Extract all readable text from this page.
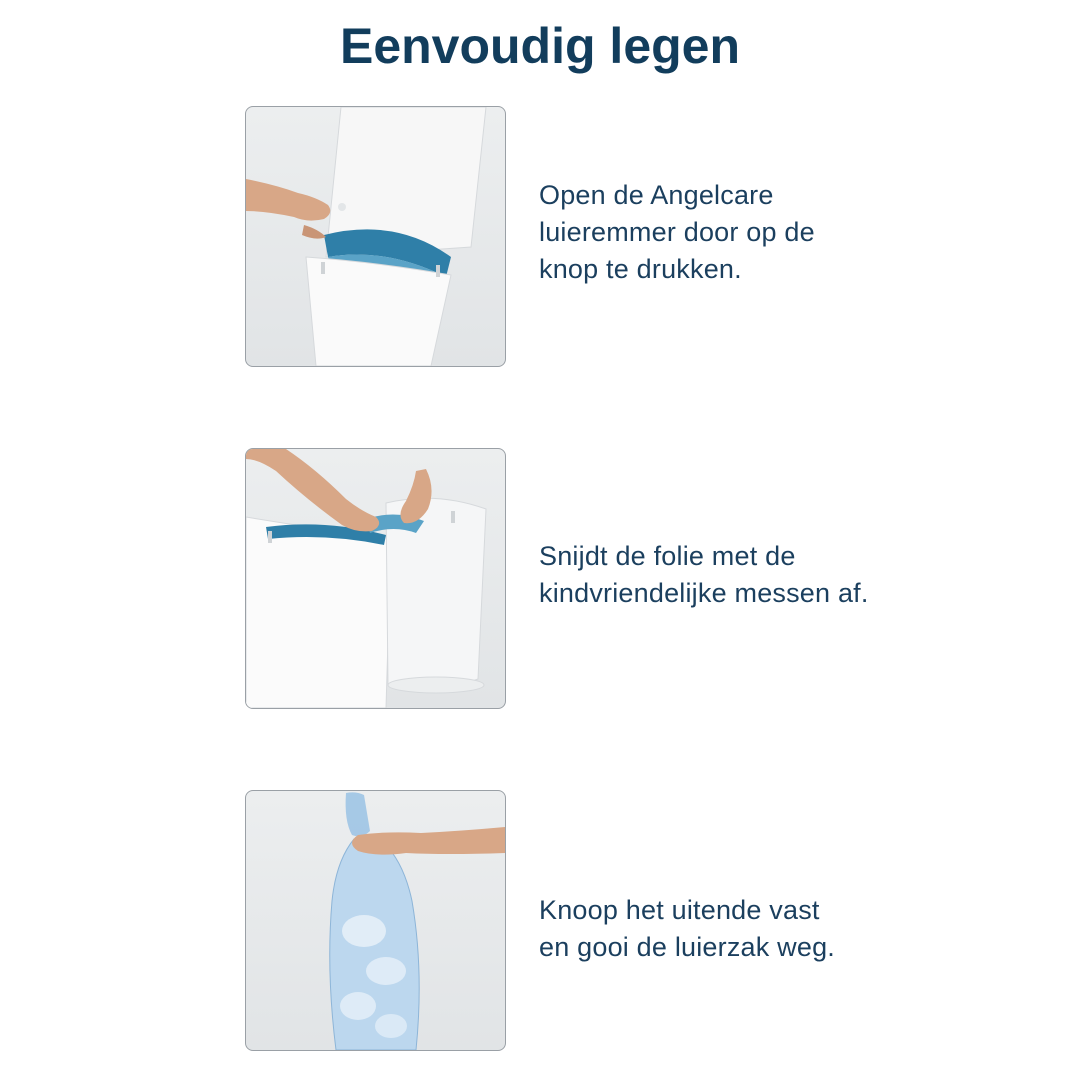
Eenvoudig legen
Open de Angelcare
luieremmer door op de
knop te drukken.
Snijdt de folie met de
kindvriendelijke messen af.
Knoop het uitende vast
en gooi de luierzak weg.
